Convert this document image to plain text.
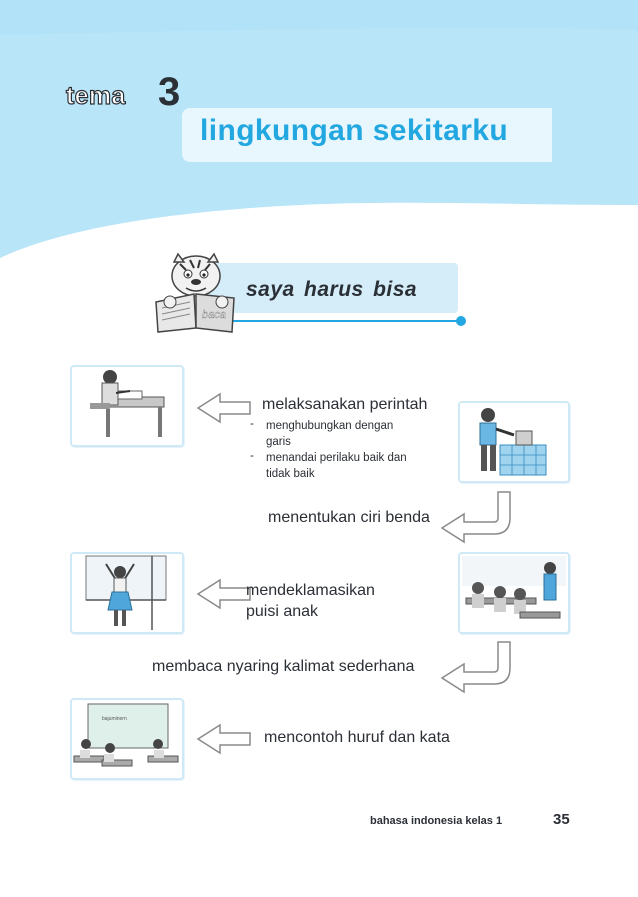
tema 3
lingkungan sekitarku
saya harus bisa
baca
melaksanakan perintah
- menghubungkan dengan
garis
- menandai perilaku baik dan
tidak baik
menentukan ciri benda
mendeklamasikan
puisi anak
membaca nyaring kalimat sederhana
bajuminern
mencontoh huruf dan kata
bahasa indonesia kelas 1	35
